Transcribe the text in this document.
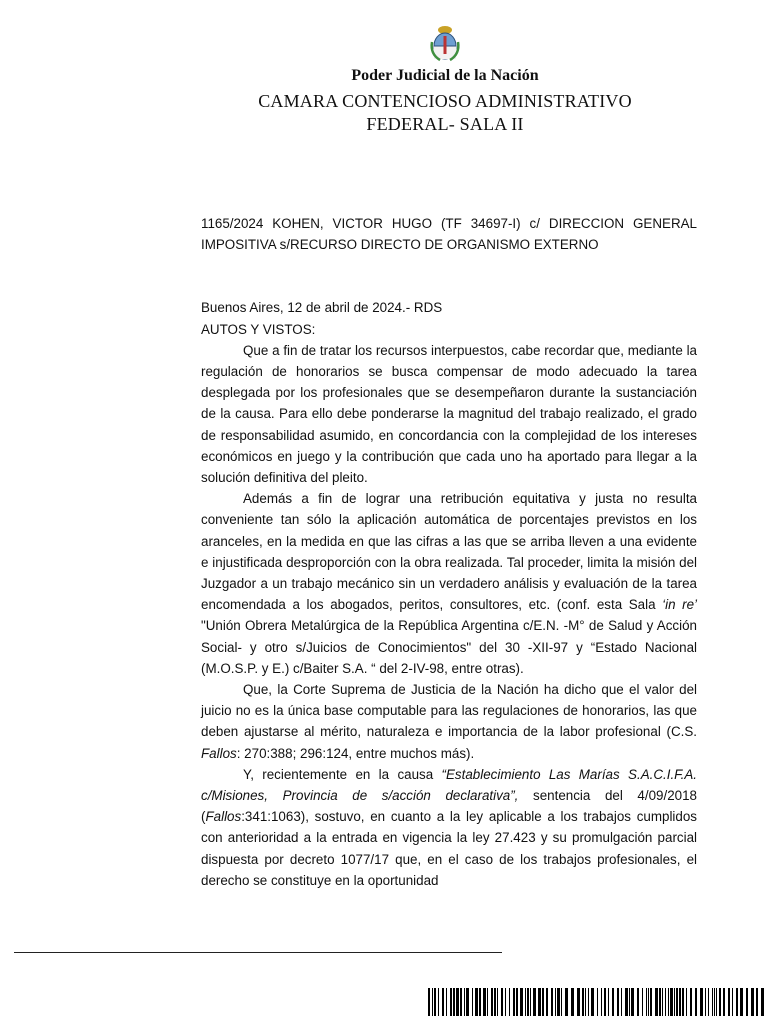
Poder Judicial de la Nación
CAMARA CONTENCIOSO ADMINISTRATIVO
FEDERAL- SALA II

1165/2024 KOHEN, VICTOR HUGO (TF 34697-I) c/ DIRECCION GENERAL IMPOSITIVA s/RECURSO DIRECTO DE ORGANISMO EXTERNO

Buenos Aires, 12 de abril de 2024.- RDS

AUTOS Y VISTOS:

Que a fin de tratar los recursos interpuestos, cabe recordar que, mediante la regulación de honorarios se busca compensar de modo adecuado la tarea desplegada por los profesionales que se desempeñaron durante la sustanciación de la causa. Para ello debe ponderarse la magnitud del trabajo realizado, el grado de responsabilidad asumido, en concordancia con la complejidad de los intereses económicos en juego y la contribución que cada uno ha aportado para llegar a la solución definitiva del pleito.

Además a fin de lograr una retribución equitativa y justa no resulta conveniente tan sólo la aplicación automática de porcentajes previstos en los aranceles, en la medida en que las cifras a las que se arriba lleven a una evidente e injustificada desproporción con la obra realizada. Tal proceder, limita la misión del Juzgador a un trabajo mecánico sin un verdadero análisis y evaluación de la tarea encomendada a los abogados, peritos, consultores, etc. (conf. esta Sala ‘in re’ "Unión Obrera Metalúrgica de la República Argentina c/E.N. -M° de Salud y Acción Social- y otro s/Juicios de Conocimientos" del 30 -XII-97 y “Estado Nacional (M.O.S.P. y E.) c/Baiter S.A. “ del 2-IV-98, entre otras).

Que, la Corte Suprema de Justicia de la Nación ha dicho que el valor del juicio no es la única base computable para las regulaciones de honorarios, las que deben ajustarse al mérito, naturaleza e importancia de la labor profesional (C.S. Fallos: 270:388; 296:124, entre muchos más).

Y, recientemente en la causa “Establecimiento Las Marías S.A.C.I.F.A. c/Misiones, Provincia de s/acción declarativa”, sentencia del 4/09/2018 (Fallos:341:1063), sostuvo, en cuanto a la ley aplicable a los trabajos cumplidos con anterioridad a la entrada en vigencia la ley 27.423 y su promulgación parcial dispuesta por decreto 1077/17 que, en el caso de los trabajos profesionales, el derecho se constituye en la oportunidad
